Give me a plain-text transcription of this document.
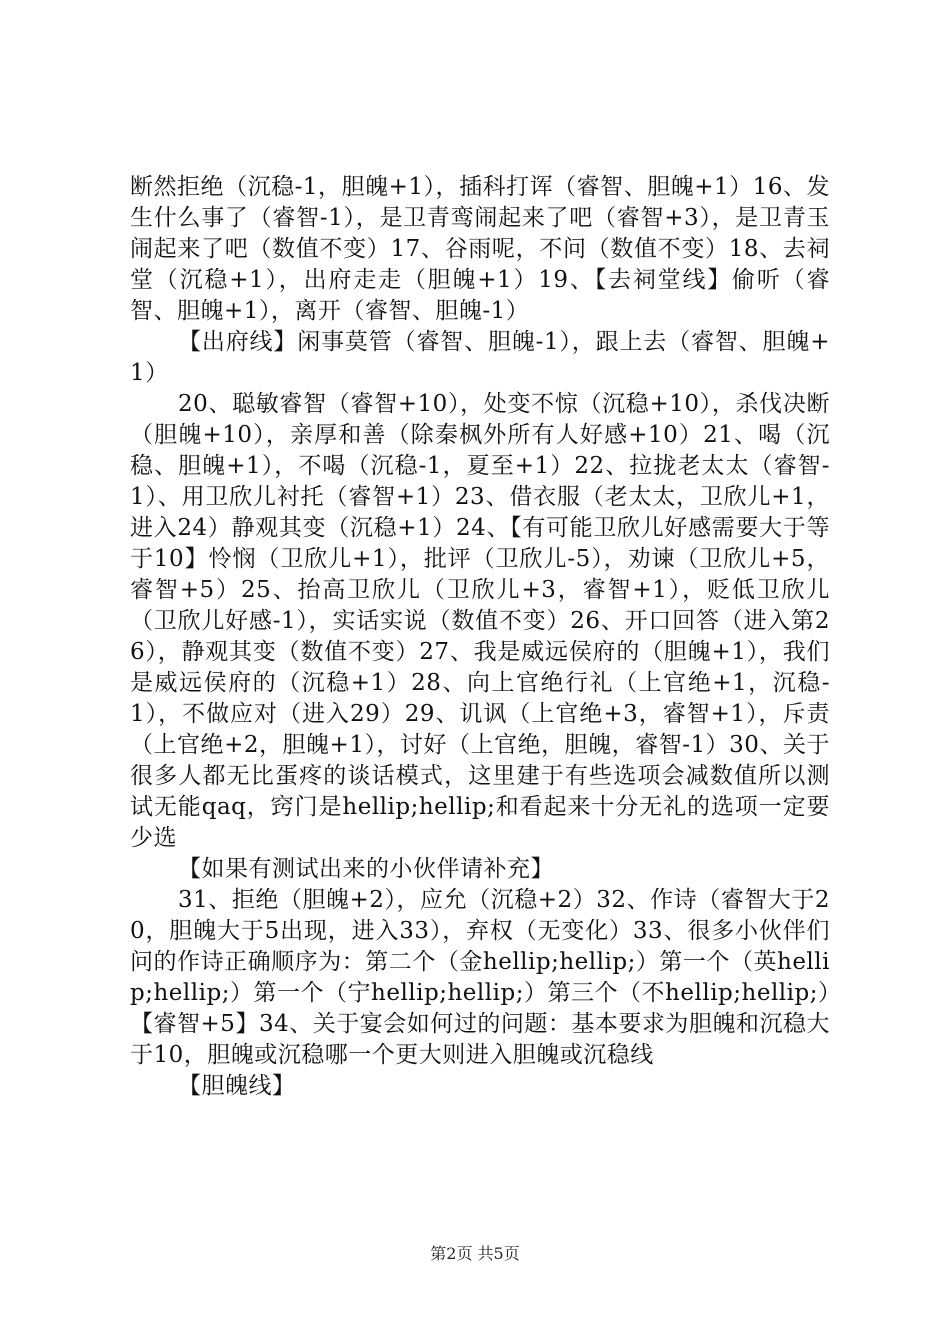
断然拒绝（沉稳-1，胆魄+1），插科打诨（睿智、胆魄+1）16、发生什么事了（睿智-1），是卫青鸾闹起来了吧（睿智+3），是卫青玉闹起来了吧（数值不变）17、谷雨呢，不问（数值不变）18、去祠堂（沉稳+1），出府走走（胆魄+1）19、【去祠堂线】偷听（睿智、胆魄+1），离开（睿智、胆魄-1）

【出府线】闲事莫管（睿智、胆魄-1），跟上去（睿智、胆魄+1）

20、聪敏睿智（睿智+10），处变不惊（沉稳+10），杀伐决断（胆魄+10），亲厚和善（除秦枫外所有人好感+10）21、喝（沉稳、胆魄+1），不喝（沉稳-1，夏至+1）22、拉拢老太太（睿智-1）、用卫欣儿衬托（睿智+1）23、借衣服（老太太，卫欣儿+1，进入24）静观其变（沉稳+1）24、【有可能卫欣儿好感需要大于等于10】怜悯（卫欣儿+1），批评（卫欣儿-5），劝谏（卫欣儿+5，睿智+5）25、抬高卫欣儿（卫欣儿+3，睿智+1），贬低卫欣儿（卫欣儿好感-1），实话实说（数值不变）26、开口回答（进入第26），静观其变（数值不变）27、我是威远侯府的（胆魄+1），我们是威远侯府的（沉稳+1）28、向上官绝行礼（上官绝+1，沉稳-1），不做应对（进入29）29、讥讽（上官绝+3，睿智+1），斥责（上官绝+2，胆魄+1），讨好（上官绝，胆魄，睿智-1）30、关于很多人都无比蛋疼的谈话模式，这里建于有些选项会减数值所以测试无能qaq，窍门是hellip;hellip;和看起来十分无礼的选项一定要少选

【如果有测试出来的小伙伴请补充】

31、拒绝（胆魄+2），应允（沉稳+2）32、作诗（睿智大于20，胆魄大于5出现，进入33），弃权（无变化）33、很多小伙伴们问的作诗正确顺序为：第二个（金hellip;hellip;）第一个（英hellip;hellip;）第一个（宁hellip;hellip;）第三个（不hellip;hellip;）【睿智+5】34、关于宴会如何过的问题：基本要求为胆魄和沉稳大于10，胆魄或沉稳哪一个更大则进入胆魄或沉稳线

【胆魄线】

第2页 共5页
